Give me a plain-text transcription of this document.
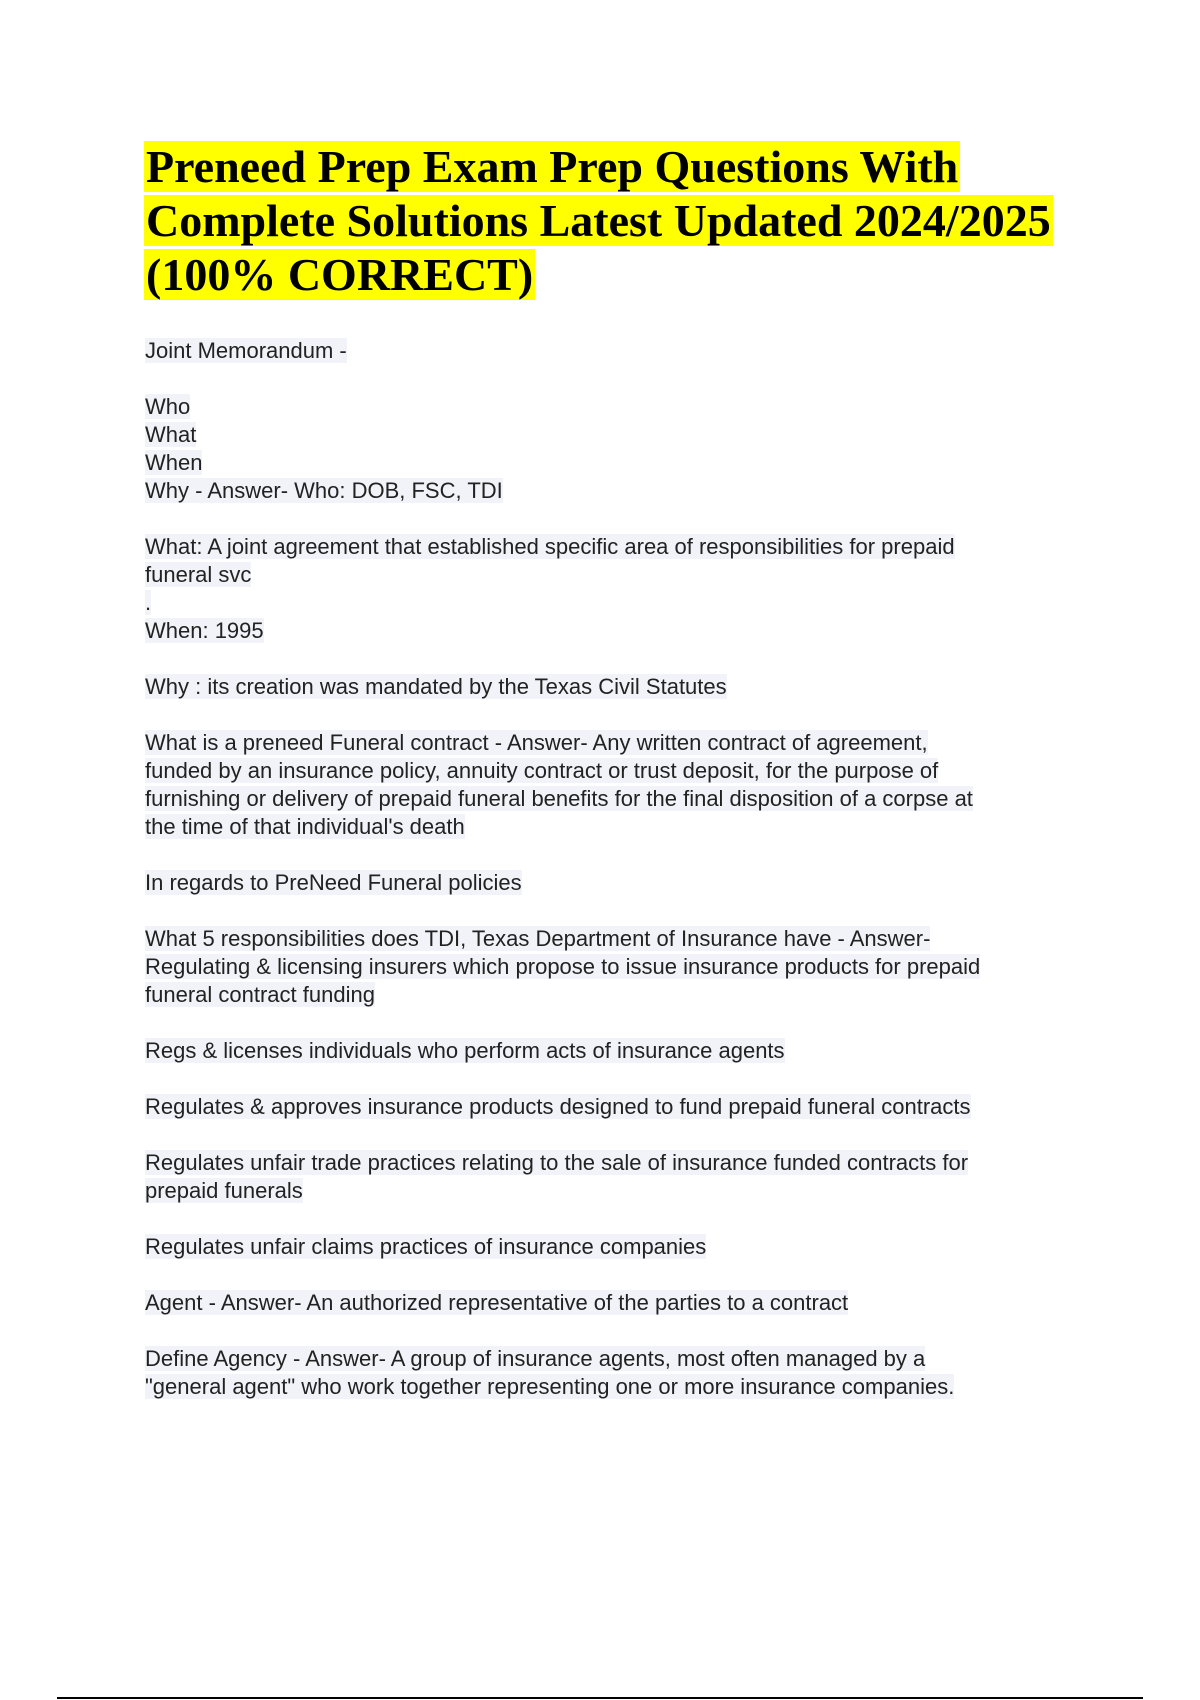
Preneed Prep Exam Prep Questions With
Complete Solutions Latest Updated 2024/2025
(100% CORRECT)
Joint Memorandum -
Who
What
When
Why - Answer- Who: DOB, FSC, TDI
What: A joint agreement that established specific area of responsibilities for prepaid
funeral svc
.
When: 1995
Why : its creation was mandated by the Texas Civil Statutes
What is a preneed Funeral contract - Answer- Any written contract of agreement,
funded by an insurance policy, annuity contract or trust deposit, for the purpose of
furnishing or delivery of prepaid funeral benefits for the final disposition of a corpse at
the time of that individual's death
In regards to PreNeed Funeral policies
What 5 responsibilities does TDI, Texas Department of Insurance have - Answer-
Regulating & licensing insurers which propose to issue insurance products for prepaid
funeral contract funding
Regs & licenses individuals who perform acts of insurance agents
Regulates & approves insurance products designed to fund prepaid funeral contracts
Regulates unfair trade practices relating to the sale of insurance funded contracts for
prepaid funerals
Regulates unfair claims practices of insurance companies
Agent - Answer- An authorized representative of the parties to a contract
Define Agency - Answer- A group of insurance agents, most often managed by a
"general agent" who work together representing one or more insurance companies.
